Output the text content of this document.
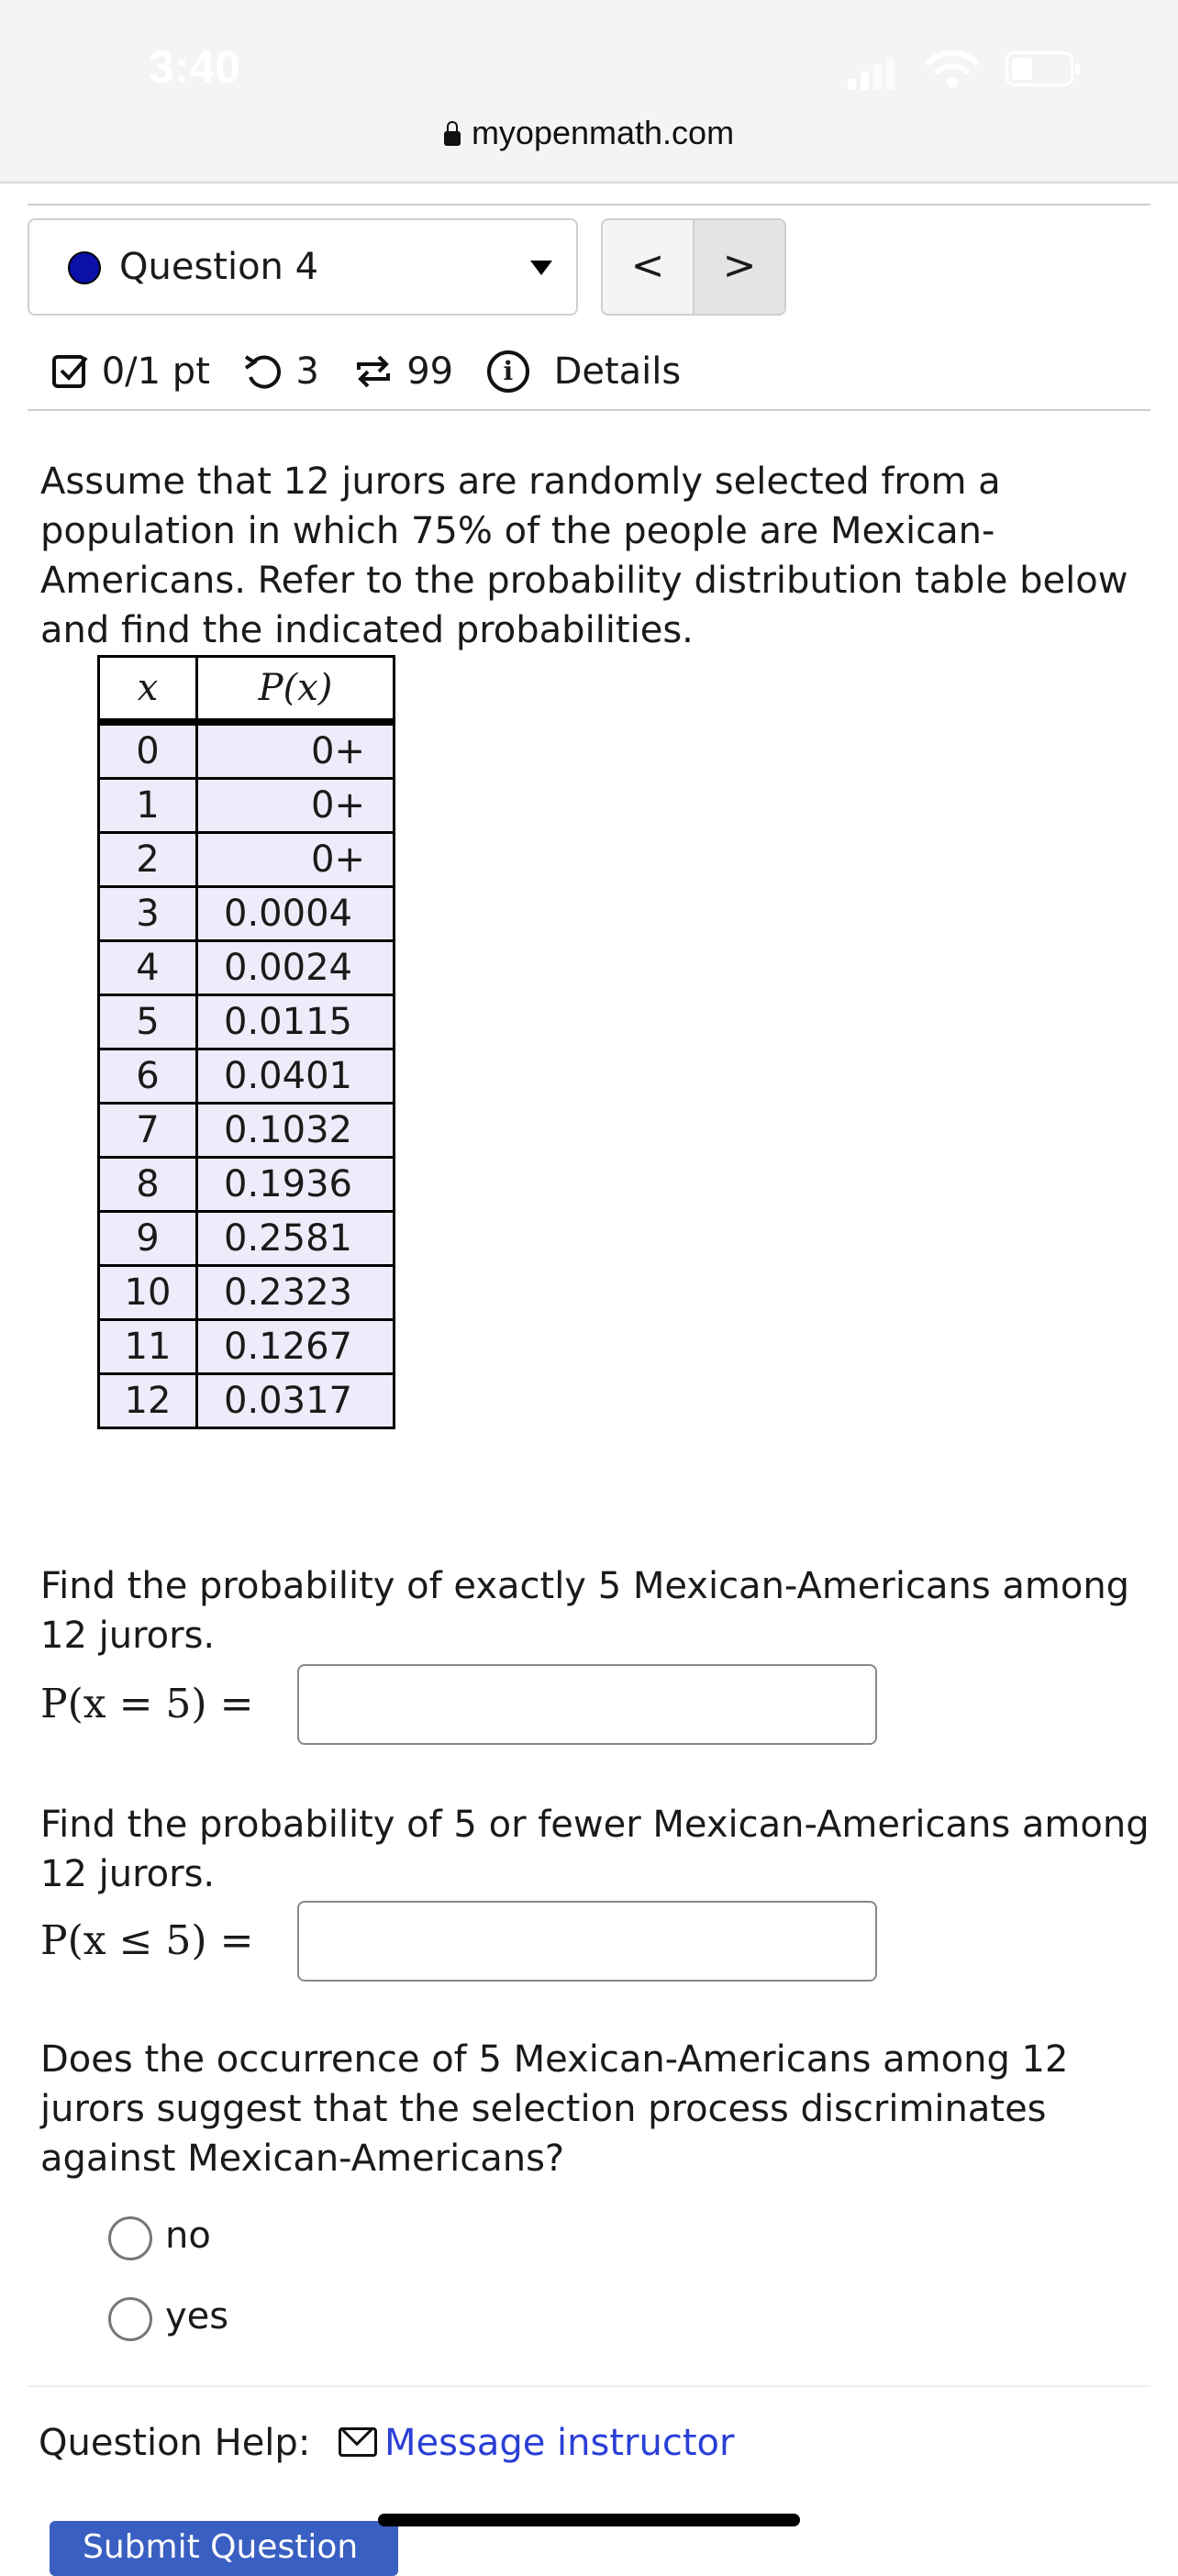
3:40
myopenmath.com
Question 4	<	>
0/1 pt 3 99 i Details
Assume that 12 jurors are randomly selected from a population in which 75% of the people are Mexican-Americans. Refer to the probability distribution table below and find the indicated probabilities.
x	P(x)
0	0+
1	0+
2	0+
3	0.0004
4	0.0024
5	0.0115
6	0.0401
7	0.1032
8	0.1936
9	0.2581
10	0.2323
11	0.1267
12	0.0317
Find the probability of exactly 5 Mexican-Americans among 12 jurors.
P(x = 5) =
Find the probability of 5 or fewer Mexican-Americans among 12 jurors.
P(x ≤ 5) =
Does the occurrence of 5 Mexican-Americans among 12 jurors suggest that the selection process discriminates against Mexican-Americans?
no
yes
Question Help: Message instructor
Submit Question
